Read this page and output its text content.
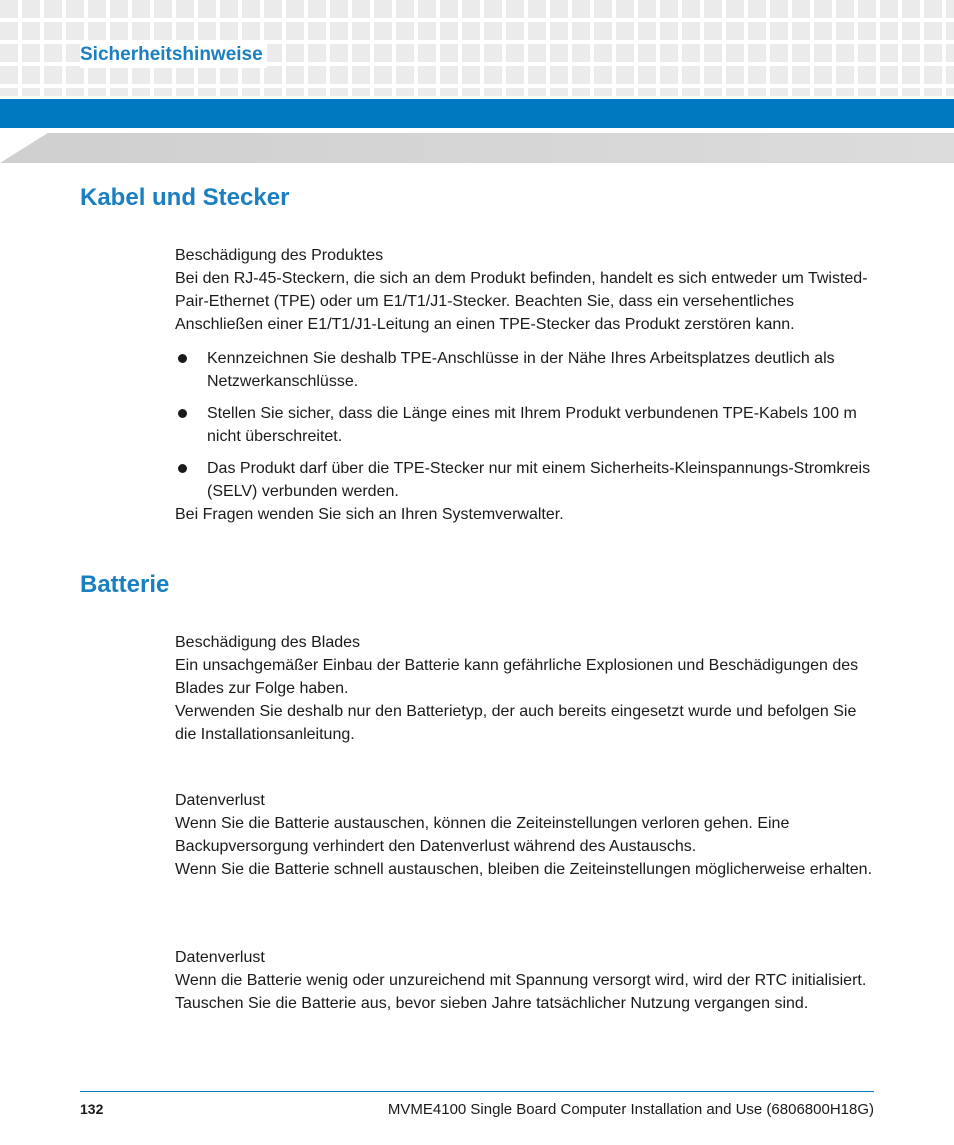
Sicherheitshinweise
Kabel und Stecker

Beschädigung des Produktes

Bei den RJ-45-Steckern, die sich an dem Produkt befinden, handelt es sich entweder um Twisted-Pair-Ethernet (TPE) oder um E1/T1/J1-Stecker. Beachten Sie, dass ein versehentliches Anschließen einer E1/T1/J1-Leitung an einen TPE-Stecker das Produkt zerstören kann.

Kennzeichnen Sie deshalb TPE-Anschlüsse in der Nähe Ihres Arbeitsplatzes deutlich als Netzwerkanschlüsse.
Stellen Sie sicher, dass die Länge eines mit Ihrem Produkt verbundenen TPE-Kabels 100 m nicht überschreitet.
Das Produkt darf über die TPE-Stecker nur mit einem Sicherheits-Kleinspannungs-Stromkreis (SELV) verbunden werden.

Bei Fragen wenden Sie sich an Ihren Systemverwalter.

Batterie

Beschädigung des Blades

Ein unsachgemäßer Einbau der Batterie kann gefährliche Explosionen und Beschädigungen des Blades zur Folge haben.

Verwenden Sie deshalb nur den Batterietyp, der auch bereits eingesetzt wurde und befolgen Sie die Installationsanleitung.

Datenverlust

Wenn Sie die Batterie austauschen, können die Zeiteinstellungen verloren gehen. Eine Backupversorgung verhindert den Datenverlust während des Austauschs.

Wenn Sie die Batterie schnell austauschen, bleiben die Zeiteinstellungen möglicherweise erhalten.

Datenverlust

Wenn die Batterie wenig oder unzureichend mit Spannung versorgt wird, wird der RTC initialisiert.

Tauschen Sie die Batterie aus, bevor sieben Jahre tatsächlicher Nutzung vergangen sind.

132	MVME4100 Single Board Computer Installation and Use (6806800H18G)
